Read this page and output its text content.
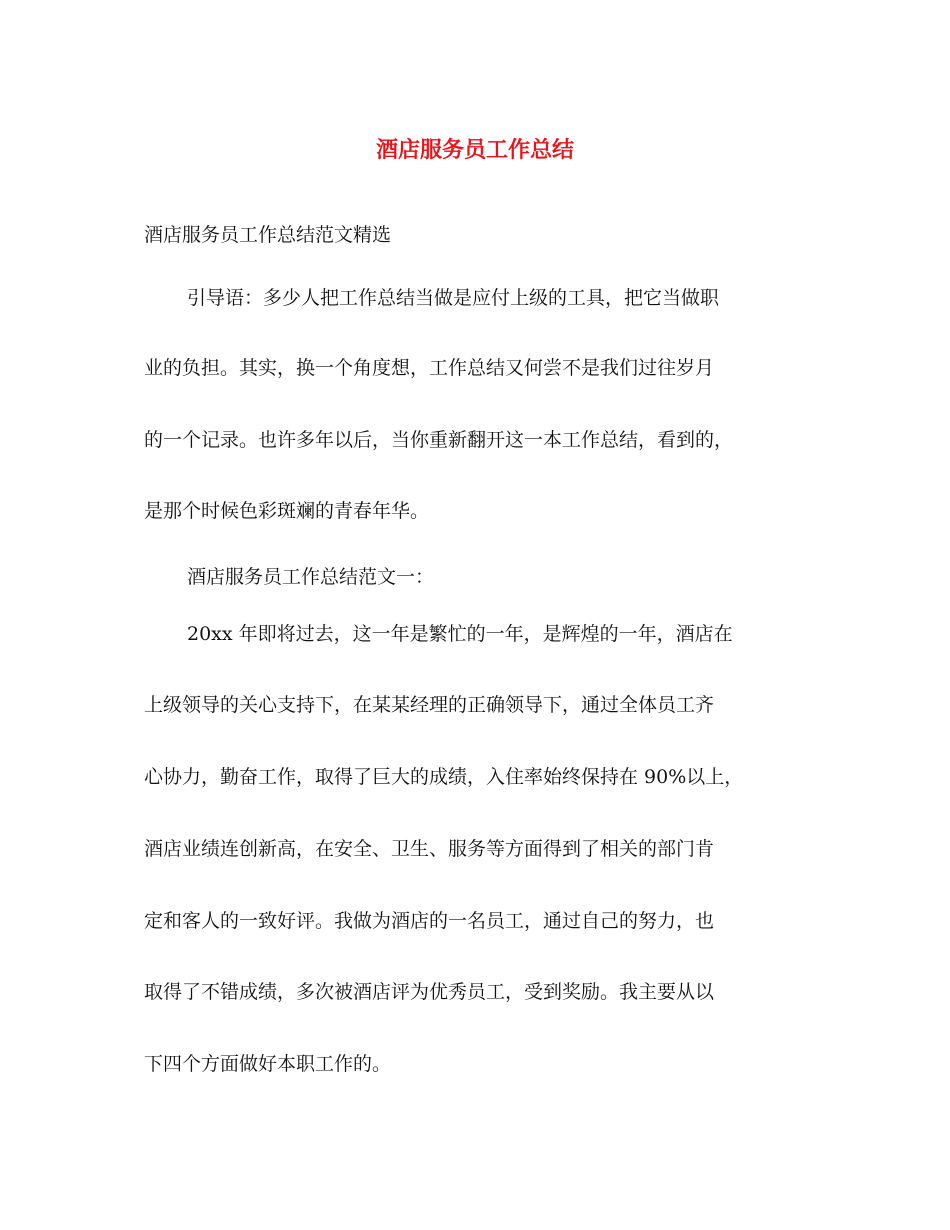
酒店服务员工作总结

酒店服务员工作总结范文精选

引导语：多少人把工作总结当做是应付上级的工具，把它当做职

业的负担。其实，换一个角度想，工作总结又何尝不是我们过往岁月

的一个记录。也许多年以后，当你重新翻开这一本工作总结，看到的，

是那个时候色彩斑斓的青春年华。

酒店服务员工作总结范文一：

20xx 年即将过去，这一年是繁忙的一年，是辉煌的一年，酒店在

上级领导的关心支持下，在某某经理的正确领导下，通过全体员工齐

心协力，勤奋工作，取得了巨大的成绩，入住率始终保持在 90%以上，

酒店业绩连创新高，在安全、卫生、服务等方面得到了相关的部门肯

定和客人的一致好评。我做为酒店的一名员工，通过自己的努力，也

取得了不错成绩，多次被酒店评为优秀员工，受到奖励。我主要从以

下四个方面做好本职工作的。
